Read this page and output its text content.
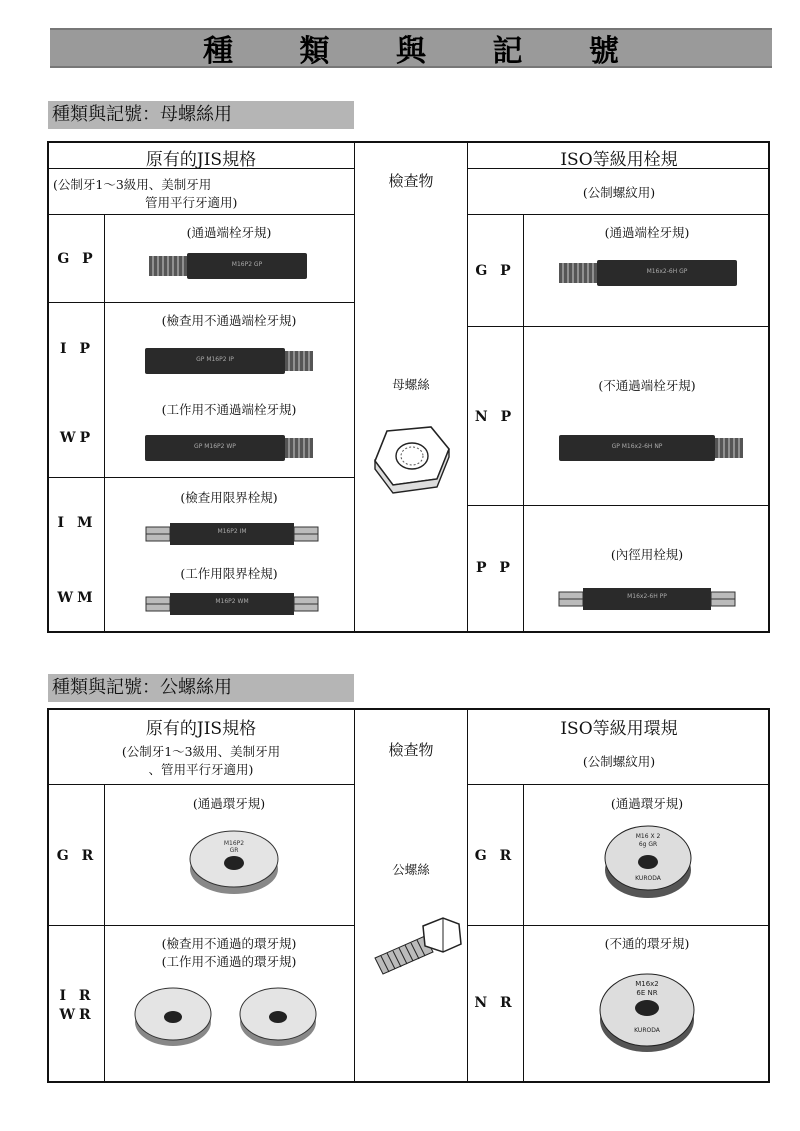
種 類 與 記 號
種類與記號：母螺絲用
原有的JIS規格
(公制牙1～3級用、美制牙用
管用平行牙適用)
檢查物
ISO等級用栓規
(公制螺紋用)
G P
I P
WP
I M
WM
(通過端栓牙規)
(檢查用不通過端栓牙規)
(工作用不通過端栓牙規)
(檢查用限界栓規)
(工作用限界栓規)
G P
N P
P P
(通過端栓牙規)
(不通過端栓牙規)
(內徑用栓規)
母螺絲
M16P2 GP
GP M16P2 IP
GP M16P2 WP
M16P2 IM
M16P2 WM
M16x2-6H GP
GP M16x2-6H NP
M16x2-6H PP
種類與記號：公螺絲用
原有的JIS規格
(公制牙1～3級用、美制牙用
、管用平行牙適用)
檢查物
ISO等級用環規
(公制螺紋用)
G R
(通過環牙規)
I R
WR
(檢查用不通過的環牙規)
(工作用不通過的環牙規)
G R
(通過環牙規)
N R
(不通的環牙規)
公螺絲
M16P2
GR
M16 X 2
6g GR
KURODA
M16x2
6E NR
KURODA
